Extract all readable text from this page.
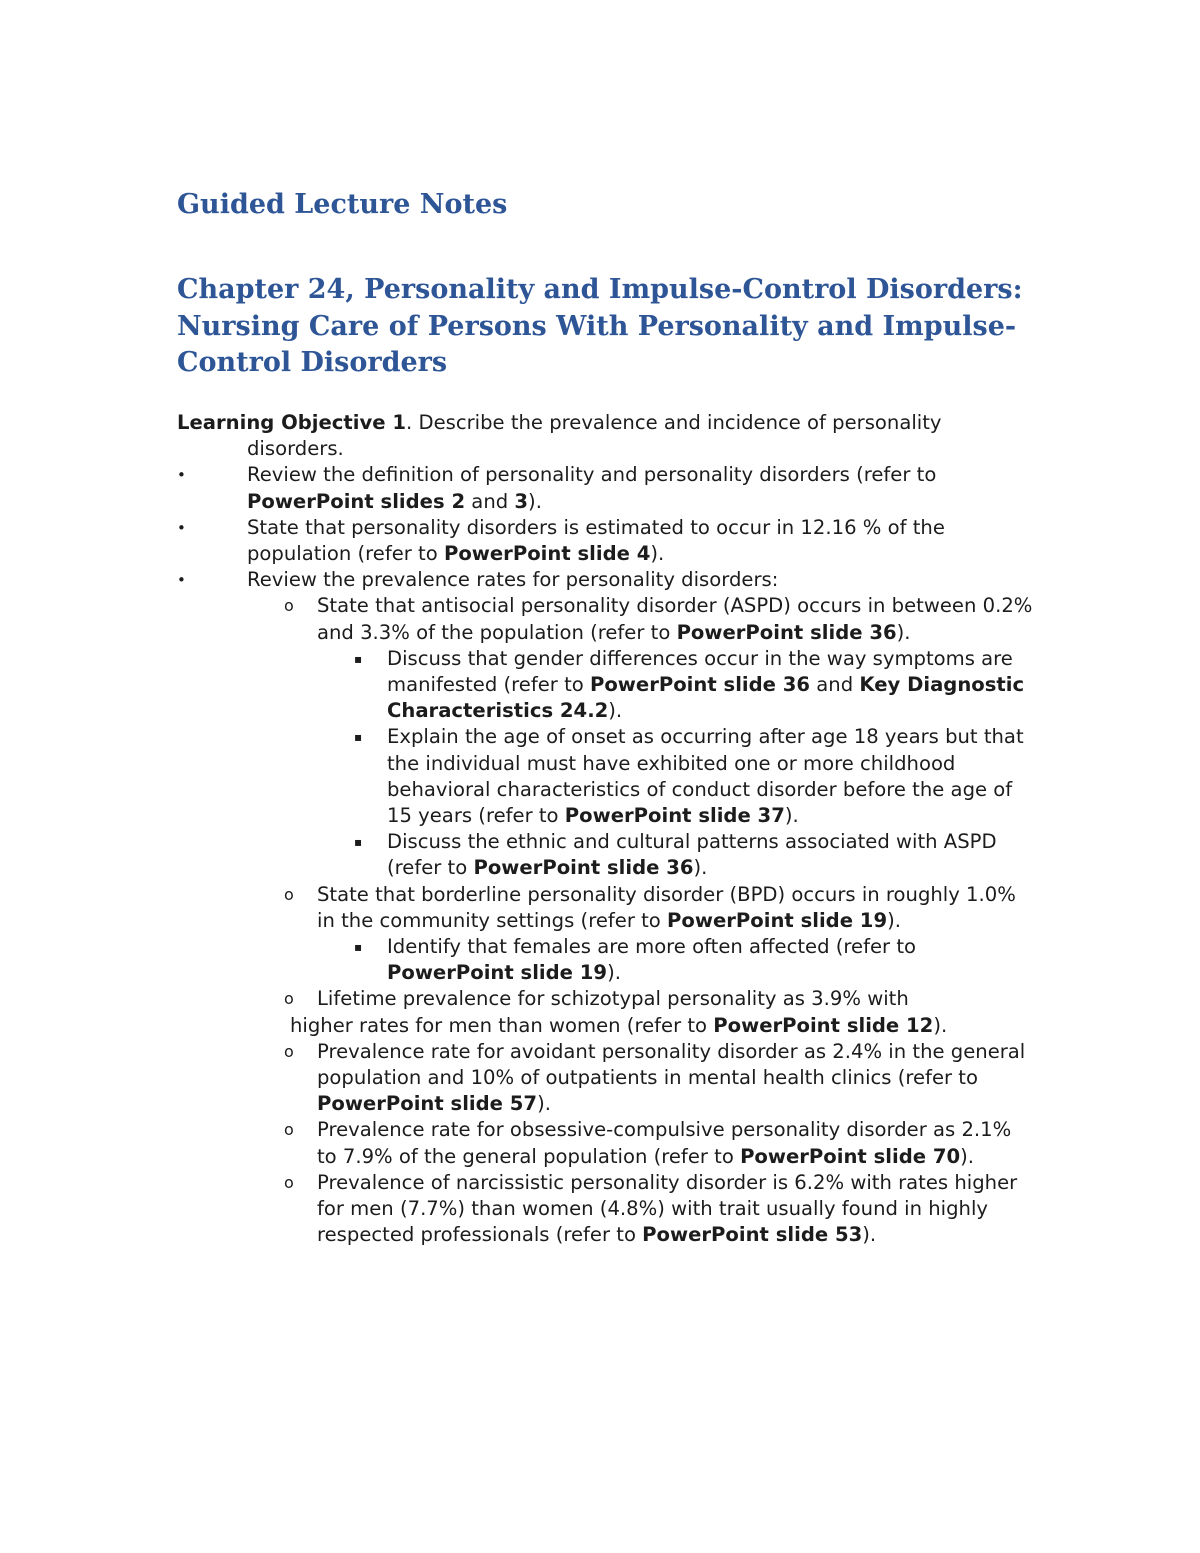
Guided Lecture Notes
Chapter 24, Personality and Impulse-Control Disorders: Nursing Care of Persons With Personality and Impulse-Control Disorders

Learning Objective 1. Describe the prevalence and incidence of personality disorders.

•	Review the definition of personality and personality disorders (refer to PowerPoint slides 2 and 3).
•	State that personality disorders is estimated to occur in 12.16 % of the population (refer to PowerPoint slide 4).
•	Review the prevalence rates for personality disorders:
o State that antisocial personality disorder (ASPD) occurs in between 0.2% and 3.3% of the population (refer to PowerPoint slide 36).
▪ Discuss that gender differences occur in the way symptoms are manifested (refer to PowerPoint slide 36 and Key Diagnostic Characteristics 24.2).
▪ Explain the age of onset as occurring after age 18 years but that the individual must have exhibited one or more childhood behavioral characteristics of conduct disorder before the age of 15 years (refer to PowerPoint slide 37).
▪ Discuss the ethnic and cultural patterns associated with ASPD (refer to PowerPoint slide 36).
o State that borderline personality disorder (BPD) occurs in roughly 1.0% in the community settings (refer to PowerPoint slide 19).
▪ Identify that females are more often affected (refer to PowerPoint slide 19).
o Lifetime prevalence for schizotypal personality as 3.9% with
higher rates for men than women (refer to PowerPoint slide 12).
o Prevalence rate for avoidant personality disorder as 2.4% in the general population and 10% of outpatients in mental health clinics (refer to PowerPoint slide 57).
o Prevalence rate for obsessive-compulsive personality disorder as 2.1% to 7.9% of the general population (refer to PowerPoint slide 70).
o Prevalence of narcissistic personality disorder is 6.2% with rates higher for men (7.7%) than women (4.8%) with trait usually found in highly respected professionals (refer to PowerPoint slide 53).
